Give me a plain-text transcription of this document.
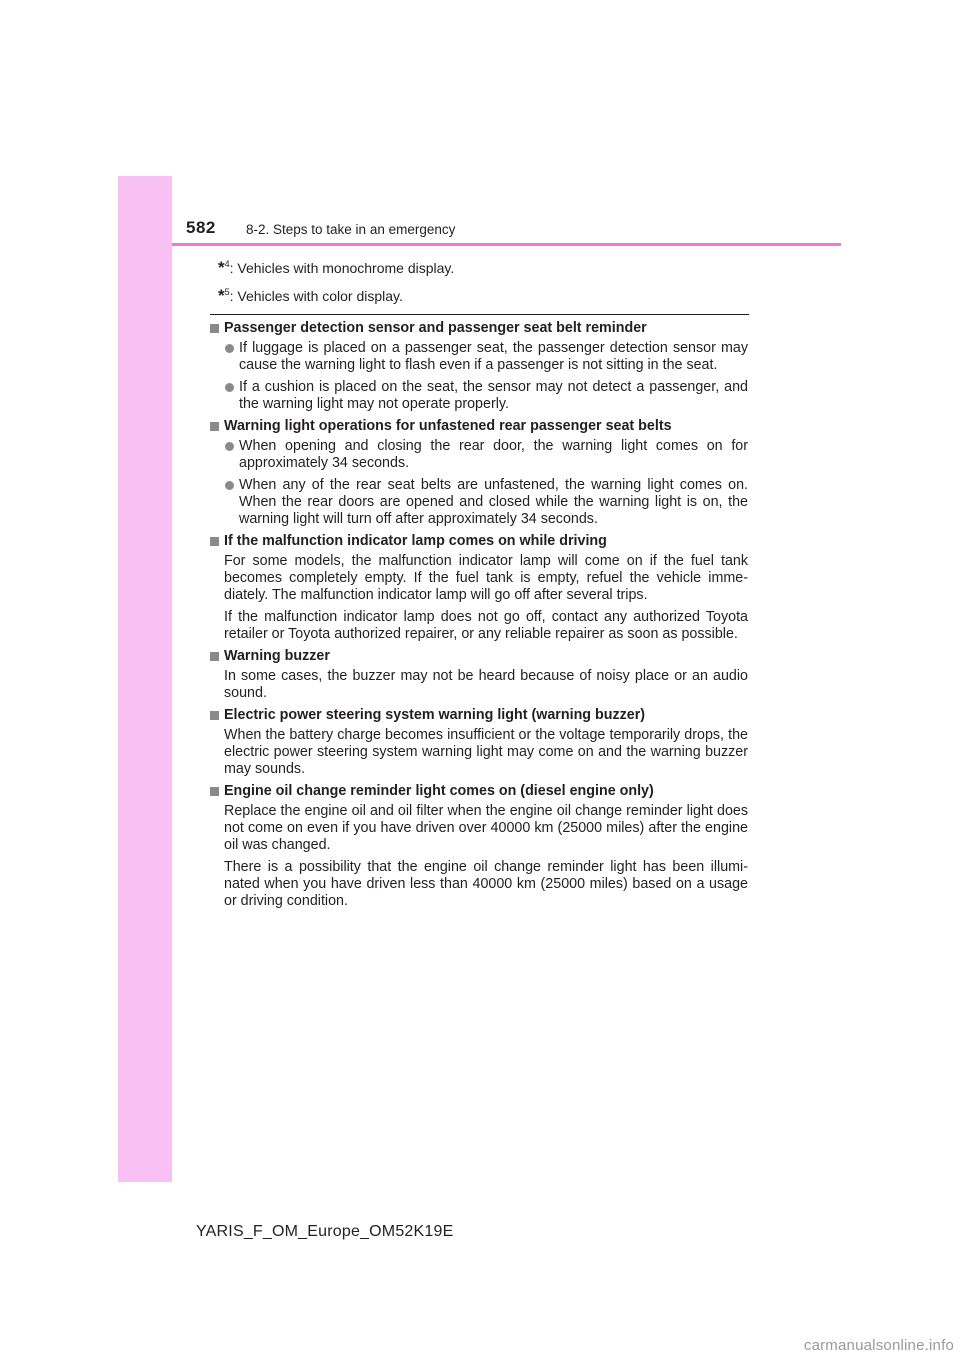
582 8-2. Steps to take in an emergency
*$^4$: Vehicles with monochrome display.
*$^5$: Vehicles with color display.
Passenger detection sensor and passenger seat belt reminder
If luggage is placed on a passenger seat, the passenger detection sensor may cause the warning light to flash even if a passenger is not sitting in the seat.
If a cushion is placed on the seat, the sensor may not detect a passenger, and the warning light may not operate properly.
Warning light operations for unfastened rear passenger seat belts
When opening and closing the rear door, the warning light comes on for approximately 34 seconds.
When any of the rear seat belts are unfastened, the warning light comes on. When the rear doors are opened and closed while the warning light is on, the warning light will turn off after approximately 34 seconds.
If the malfunction indicator lamp comes on while driving
For some models, the malfunction indicator lamp will come on if the fuel tank becomes completely empty. If the fuel tank is empty, refuel the vehicle imme-diately. The malfunction indicator lamp will go off after several trips.
If the malfunction indicator lamp does not go off, contact any authorized Toyota retailer or Toyota authorized repairer, or any reliable repairer as soon as possible.
Warning buzzer
In some cases, the buzzer may not be heard because of noisy place or an audio sound.
Electric power steering system warning light (warning buzzer)
When the battery charge becomes insufficient or the voltage temporarily drops, the electric power steering system warning light may come on and the warning buzzer may sounds.
Engine oil change reminder light comes on (diesel engine only)
Replace the engine oil and oil filter when the engine oil change reminder light does not come on even if you have driven over 40000 km (25000 miles) after the engine oil was changed.
There is a possibility that the engine oil change reminder light has been illumi-nated when you have driven less than 40000 km (25000 miles) based on a usage or driving condition.
YARIS_F_OM_Europe_OM52K19E
carmanualsonline.info
